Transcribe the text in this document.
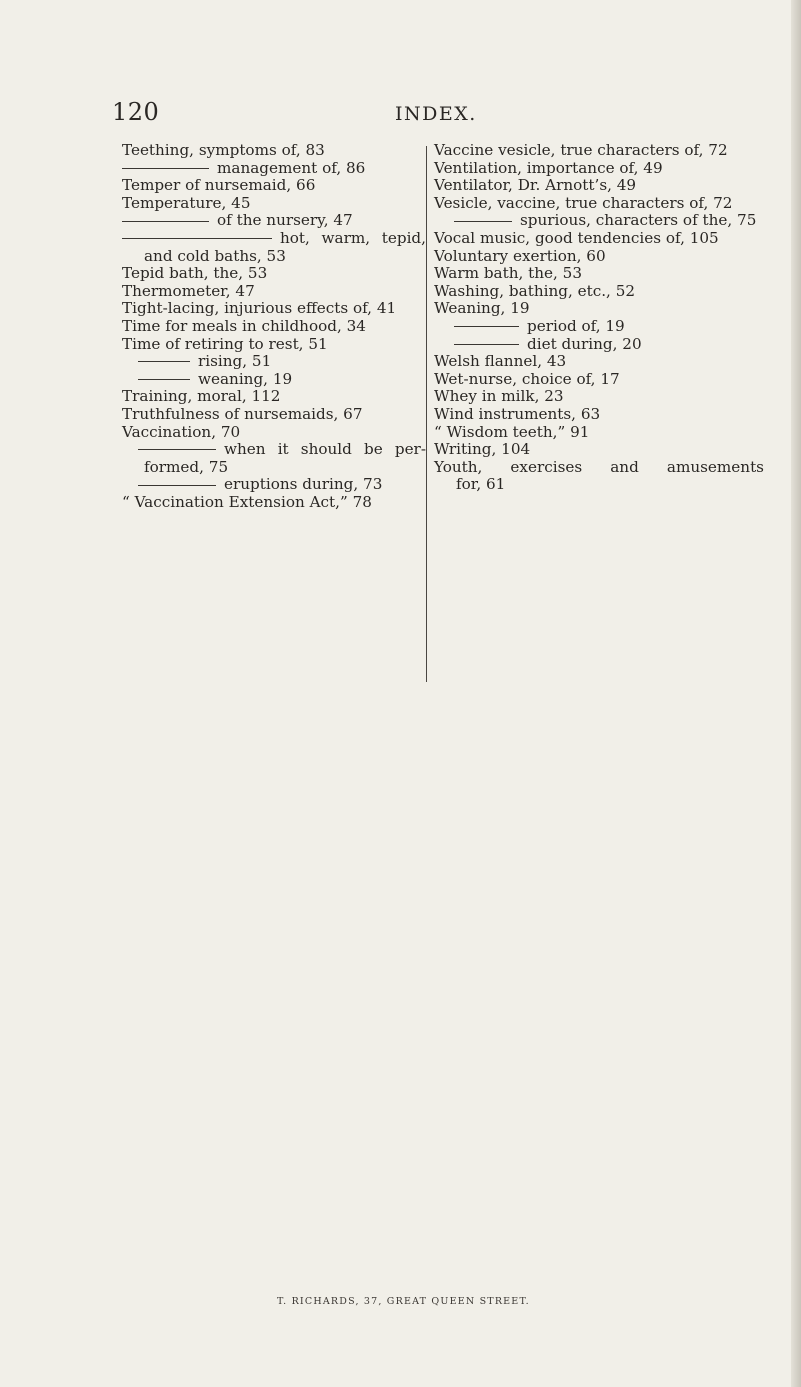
120	INDEX.
Teething, symptoms of, 83
management of, 86
Temper of nursemaid, 66
Temperature, 45
of the nursery, 47
hot, warm, tepid,
and cold baths, 53
Tepid bath, the, 53
Thermometer, 47
Tight-lacing, injurious effects of, 41
Time for meals in childhood, 34
Time of retiring to rest, 51
rising, 51
weaning, 19
Training, moral, 112
Truthfulness of nursemaids, 67
Vaccination, 70
when it should be per-
formed, 75
eruptions during, 73
“ Vaccination Extension Act,” 78
Vaccine vesicle, true characters of, 72
Ventilation, importance of, 49
Ventilator, Dr. Arnott’s, 49
Vesicle, vaccine, true characters of, 72
spurious, characters of the, 75
Vocal music, good tendencies of, 105
Voluntary exertion, 60
Warm bath, the, 53
Washing, bathing, etc., 52
Weaning, 19
period of, 19
diet during, 20
Welsh flannel, 43
Wet-nurse, choice of, 17
Whey in milk, 23
Wind instruments, 63
“ Wisdom teeth,” 91
Writing, 104
Youth, exercises and amusements
for, 61
T. RICHARDS, 37, GREAT QUEEN STREET.
